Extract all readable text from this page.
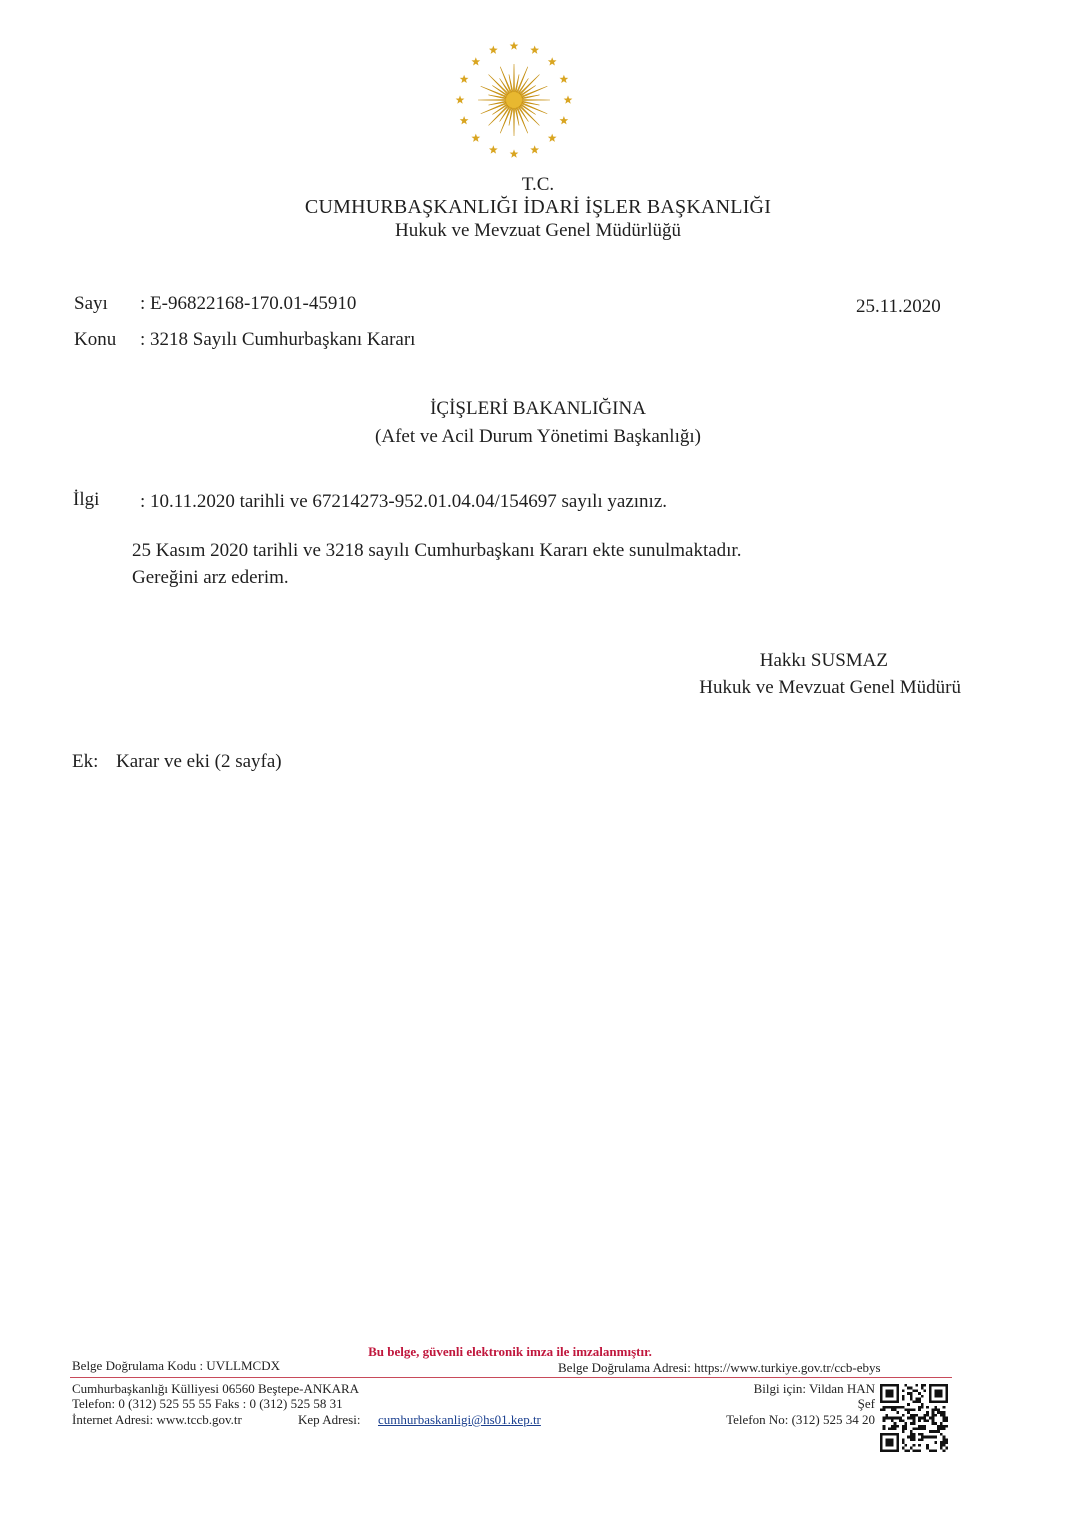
T.C.
CUMHURBAŞKANLIĞI İDARİ İŞLER BAŞKANLIĞI
Hukuk ve Mevzuat Genel Müdürlüğü
Sayı : E-96822168-170.01-45910	25.11.2020
Konu : 3218 Sayılı Cumhurbaşkanı Kararı
İÇİŞLERİ BAKANLIĞINA
(Afet ve Acil Durum Yönetimi Başkanlığı)
İlgi : 10.11.2020 tarihli ve 67214273-952.01.04.04/154697 sayılı yazınız.
25 Kasım 2020 tarihli ve 3218 sayılı Cumhurbaşkanı Kararı ekte sunulmaktadır.
Gereğini arz ederim.
Hakkı SUSMAZ
Hukuk ve Mevzuat Genel Müdürü
Ek: Karar ve eki (2 sayfa)
Bu belge, güvenli elektronik imza ile imzalanmıştır.
Belge Doğrulama Kodu : UVLLMCDX	Belge Doğrulama Adresi: https://www.turkiye.gov.tr/ccb-ebys
Cumhurbaşkanlığı Külliyesi 06560 Beştepe-ANKARA
Telefon: 0 (312) 525 55 55 Faks : 0 (312) 525 58 31
İnternet Adresi: www.tccb.gov.tr	Kep Adresi: cumhurbaskanligi@hs01.kep.tr
Bilgi için: Vildan HAN
Şef
Telefon No: (312) 525 34 20
